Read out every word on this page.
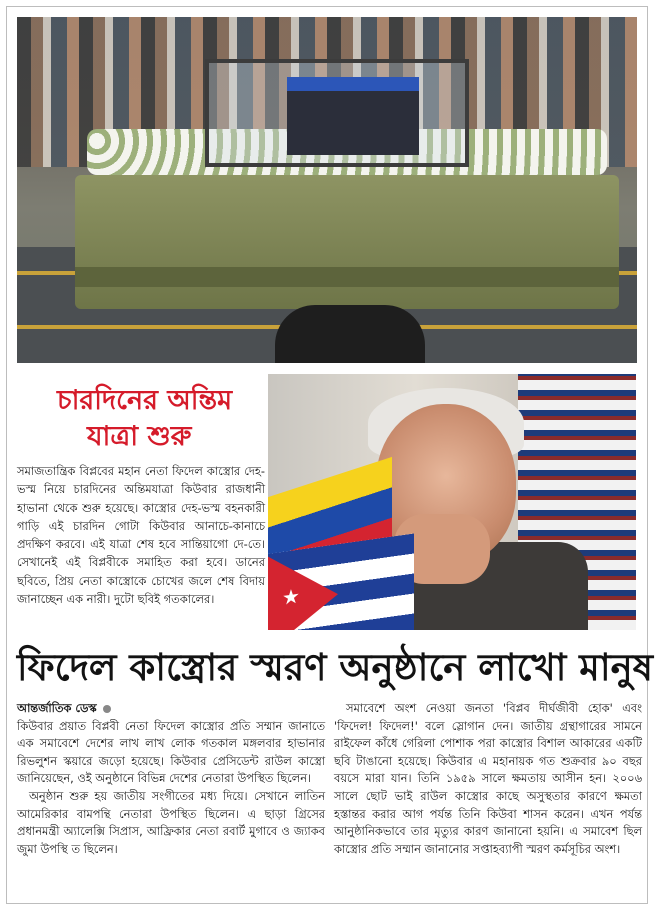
চারদিনের অন্তিম
যাত্রা শুরু

সমাজতান্ত্রিক বিপ্লবের মহান নেতা ফিদেল কাস্ত্রোর দেহ-ভস্ম নিয়ে চারদিনের অন্তিমযাত্রা কিউবার রাজধানী হাভানা থেকে শুরু হয়েছে। কাস্ত্রোর দেহ-ভস্ম বহনকারী গাড়ি এই চারদিন গোটা কিউবার আনাচে-কানাচে প্রদক্ষিণ করবে। এই যাত্রা শেষ হবে সান্তিয়াগো দে-তে। সেখানেই এই বিপ্লবীকে সমাহিত করা হবে। ডানের ছবিতে, প্রিয় নেতা কাস্ত্রোকে চোখের জলে শেষ বিদায় জানাচ্ছেন এক নারী। দুটো ছবিই গতকালের।	★
ফিদেল কাস্ত্রোর স্মরণ অনুষ্ঠানে লাখো মানুষ
আন্তর্জাতিক ডেস্ক

কিউবার প্রয়াত বিপ্লবী নেতা ফিদেল কাস্ত্রোর প্রতি সম্মান জানাতে এক সমাবেশে দেশের লাখ লাখ লোক গতকাল মঙ্গলবার হাভানার রিভলুশন স্কয়ারে জড়ো হয়েছে। কিউবার প্রেসিডেন্ট রাউল কাস্ত্রো জানিয়েছেন, ওই অনুষ্ঠানে বিভিন্ন দেশের নেতারা উপস্থিত ছিলেন।

অনুষ্ঠান শুরু হয় জাতীয় সংগীতের মধ্য দিয়ে। সেখানে লাতিন আমেরিকার বামপন্থি নেতারা উপস্থিত ছিলেন। এ ছাড়া গ্রিসের প্রধানমন্ত্রী অ্যালেক্সি সিপ্রাস, আফ্রিকার নেতা রবার্ট মুগাবে ও জ্যাকব জুমা উপস্থি ত ছিলেন।

সমাবেশে অংশ নেওয়া জনতা 'বিপ্লব দীর্ঘজীবী হোক' এবং 'ফিদেল! ফিদেল!' বলে স্লোগান দেন। জাতীয় গ্রন্থাগারের সামনে রাইফেল কাঁধে গেরিলা পোশাক পরা কাস্ত্রোর বিশাল আকারের একটি ছবি টাঙানো হয়েছে। কিউবার এ মহানায়ক গত শুক্রবার ৯০ বছর বয়সে মারা যান। তিনি ১৯৫৯ সালে ক্ষমতায় আসীন হন। ২০০৬ সালে ছোট ভাই রাউল কাস্ত্রোর কাছে অসুস্থতার কারণে ক্ষমতা হস্তান্তর করার আগ পর্যন্ত তিনি কিউবা শাসন করেন। এখন পর্যন্ত আনুষ্ঠানিকভাবে তার মৃত্যুর কারণ জানানো হয়নি। এ সমাবেশ ছিল কাস্ত্রোর প্রতি সম্মান জানানোর সপ্তাহব্যাপী স্মরণ কর্মসূচির অংশ।
